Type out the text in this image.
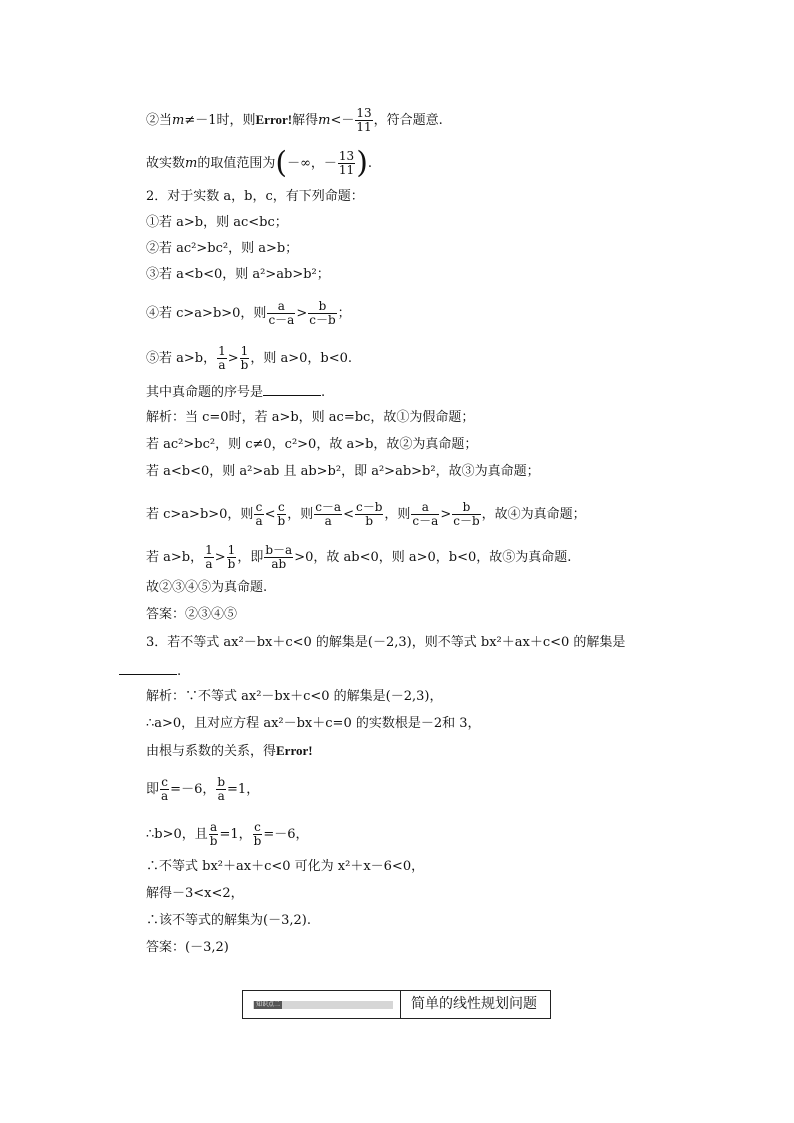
②当m≠－1时，则Error!解得$m<- \frac{13}{11}$ ，符合题意.
故实数m的取值范围为(－∞，－ $\frac{13}{11}$ ).
2．对于实数 a，b，c，有下列命题：
①若 a>b，则 ac<bc；
②若 ac²>bc²，则 a>b；
③若 a<b<0，则 a²>ab>b²；
④若 c>a>b>0，则 $\frac{a}{c-a} > \frac{b}{c-b}$ ；
⑤若 a>b， $\frac{1}{a} > \frac{1}{b}$ ，则 a>0，b<0.
其中真命题的序号是	.
解析：当 c=0时，若 a>b，则 ac=bc，故①为假命题；
若 ac²>bc²，则 c≠0，c²>0，故 a>b，故②为真命题；
若 a<b<0，则 a²>ab 且 ab>b²，即 a²>ab>b²，故③为真命题；
若 c>a>b>0，则 $\frac{c}{a} < \frac{c}{b}$ ，则 $\frac{c-a}{a} < \frac{c-b}{b}$ ，则 $\frac{a}{c-a} > \frac{b}{c-b}$ ，故④为真命题；
若 a>b， $\frac{1}{a} > \frac{1}{b}$ ，即 $\frac{b-a}{ab} >0$，故 ab<0，则 a>0，b<0，故⑤为真命题.
故②③④⑤为真命题.
答案：②③④⑤
3．若不等式 ax²－bx＋c<0 的解集是(－2,3)，则不等式 bx²＋ax＋c<0 的解集是
.
解析：∵不等式 ax²－bx＋c<0 的解集是(－2,3)，
∴a>0，且对应方程 ax²－bx＋c=0 的实数根是－2和 3，
由根与系数的关系，得Error!
即 $\frac{c}{a} =-6$， $\frac{b}{a} =1$，
∴b>0，且 $\frac{a}{b} =1$， $\frac{c}{b} =-6$，
∴不等式 bx²＋ax＋c<0 可化为 x²＋x－6<0，
解得－3<x<2，
∴该不等式的解集为(－3,2).
答案：(－3,2)
知识点二	简单的线性规划问题
